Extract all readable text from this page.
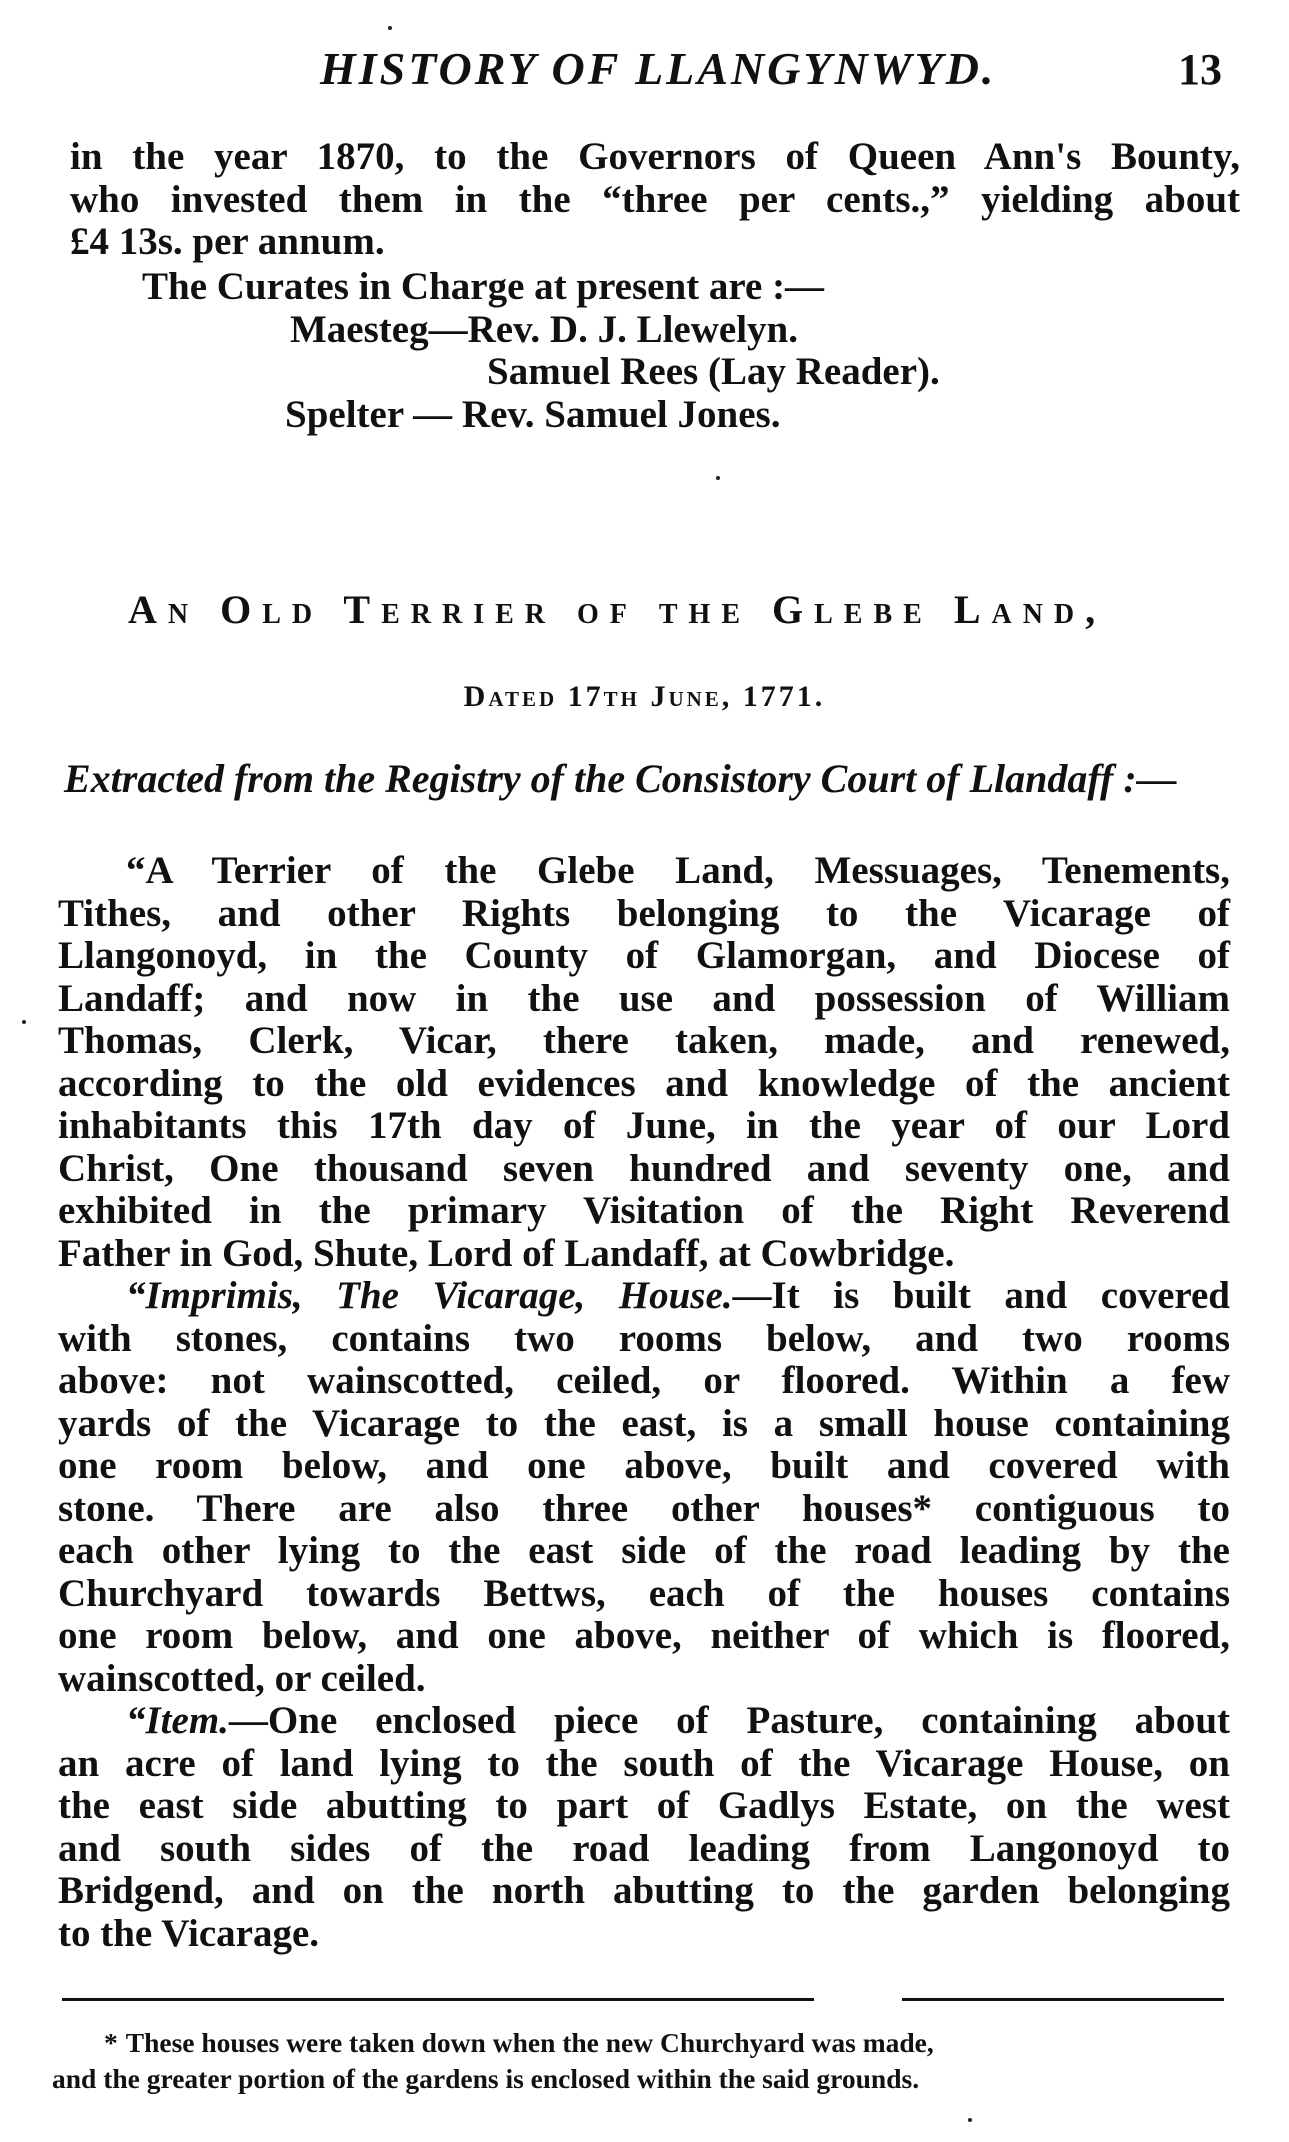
HISTORY OF LLANGYNWYD.	13
in the year 1870, to the Governors of Queen Ann's Bounty,
who invested them in the “three per cents.,” yielding about
£4 13s. per annum.
The Curates in Charge at present are :—
Maesteg—Rev. D. J. Llewelyn.
Samuel Rees (Lay Reader).
Spelter — Rev. Samuel Jones.
An Old Terrier of the Glebe Land,
Dated 17th June, 1771.
Extracted from the Registry of the Consistory Court of Llandaff :—
“A Terrier of the Glebe Land, Messuages, Tenements,
Tithes, and other Rights belonging to the Vicarage of
Llangonoyd, in the County of Glamorgan, and Diocese of
Landaff; and now in the use and possession of William
Thomas, Clerk, Vicar, there taken, made, and renewed,
according to the old evidences and knowledge of the ancient
inhabitants this 17th day of June, in the year of our Lord
Christ, One thousand seven hundred and seventy one, and
exhibited in the primary Visitation of the Right Reverend
Father in God, Shute, Lord of Landaff, at Cowbridge.
“Imprimis, The Vicarage, House.—It is built and covered
with stones, contains two rooms below, and two rooms
above: not wainscotted, ceiled, or floored. Within a few
yards of the Vicarage to the east, is a small house containing
one room below, and one above, built and covered with
stone. There are also three other houses* contiguous to
each other lying to the east side of the road leading by the
Churchyard towards Bettws, each of the houses contains
one room below, and one above, neither of which is floored,
wainscotted, or ceiled.
“Item.—One enclosed piece of Pasture, containing about
an acre of land lying to the south of the Vicarage House, on
the east side abutting to part of Gadlys Estate, on the west
and south sides of the road leading from Langonoyd to
Bridgend, and on the north abutting to the garden belonging
to the Vicarage.
* These houses were taken down when the new Churchyard was made,
and the greater portion of the gardens is enclosed within the said grounds.
